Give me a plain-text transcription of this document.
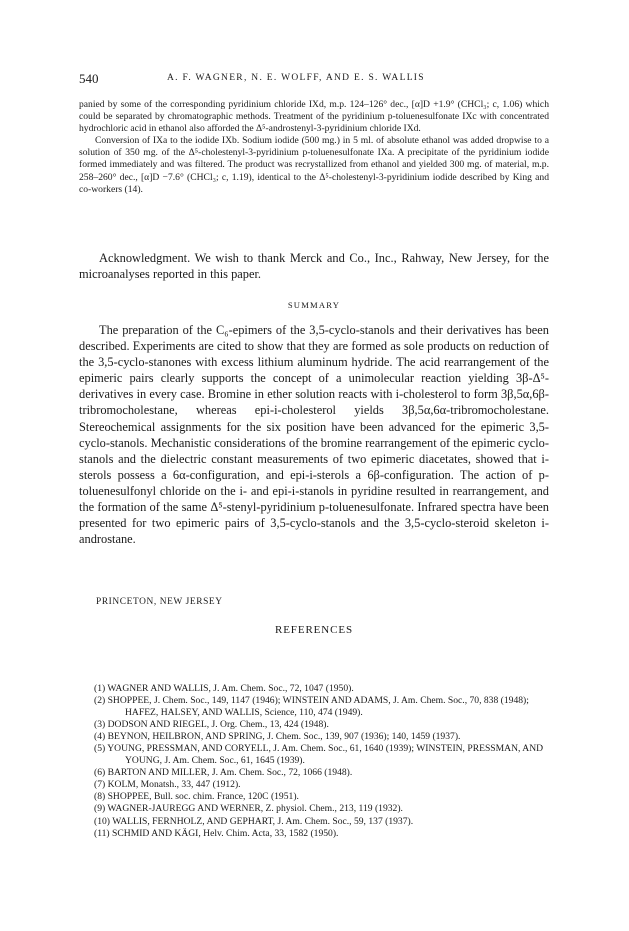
540	A. F. WAGNER, N. E. WOLFF, AND E. S. WALLIS

panied by some of the corresponding pyridinium chloride IXd, m.p. 124–126° dec., [α]D +1.9° (CHCl₃; c, 1.06) which could be separated by chromatographic methods. Treatment of the pyridinium p-toluenesulfonate IXc with concentrated hydrochloric acid in ethanol also afforded the Δ⁵-androstenyl-3-pyridinium chloride IXd.

Conversion of IXa to the iodide IXb. Sodium iodide (500 mg.) in 5 ml. of absolute ethanol was added dropwise to a solution of 350 mg. of the Δ⁵-cholestenyl-3-pyridinium p-toluenesulfonate IXa. A precipitate of the pyridinium iodide formed immediately and was filtered. The product was recrystallized from ethanol and yielded 300 mg. of material, m.p. 258–260° dec., [α]D −7.6° (CHCl₃; c, 1.19), identical to the Δ⁵-cholestenyl-3-pyridinium iodide described by King and co-workers (14).

Acknowledgment. We wish to thank Merck and Co., Inc., Rahway, New Jersey, for the microanalyses reported in this paper.

SUMMARY

The preparation of the C₆-epimers of the 3,5-cyclo-stanols and their derivatives has been described. Experiments are cited to show that they are formed as sole products on reduction of the 3,5-cyclo-stanones with excess lithium aluminum hydride. The acid rearrangement of the epimeric pairs clearly supports the concept of a unimolecular reaction yielding 3β-Δ⁵-derivatives in every case. Bromine in ether solution reacts with i-cholesterol to form 3β,5α,6β-tribromocholestane, whereas epi-i-cholesterol yields 3β,5α,6α-tribromocholestane. Stereochemical assignments for the six position have been advanced for the epimeric 3,5-cyclo-stanols. Mechanistic considerations of the bromine rearrangement of the epimeric cyclo-stanols and the dielectric constant measurements of two epimeric diacetates, showed that i-sterols possess a 6α-configuration, and epi-i-sterols a 6β-configuration. The action of p-toluenesulfonyl chloride on the i- and epi-i-stanols in pyridine resulted in rearrangement, and the formation of the same Δ⁵-stenyl-pyridinium p-toluenesulfonate. Infrared spectra have been presented for two epimeric pairs of 3,5-cyclo-stanols and the 3,5-cyclo-steroid skeleton i-androstane.

PRINCETON, NEW JERSEY
REFERENCES
(1) WAGNER AND WALLIS, J. Am. Chem. Soc., 72, 1047 (1950).
(2) SHOPPEE, J. Chem. Soc., 149, 1147 (1946); WINSTEIN AND ADAMS, J. Am. Chem. Soc., 70, 838 (1948); HAFEZ, HALSEY, AND WALLIS, Science, 110, 474 (1949).
(3) DODSON AND RIEGEL, J. Org. Chem., 13, 424 (1948).
(4) BEYNON, HEILBRON, AND SPRING, J. Chem. Soc., 139, 907 (1936); 140, 1459 (1937).
(5) YOUNG, PRESSMAN, AND CORYELL, J. Am. Chem. Soc., 61, 1640 (1939); WINSTEIN, PRESSMAN, AND YOUNG, J. Am. Chem. Soc., 61, 1645 (1939).
(6) BARTON AND MILLER, J. Am. Chem. Soc., 72, 1066 (1948).
(7) KOLM, Monatsh., 33, 447 (1912).
(8) SHOPPEE, Bull. soc. chim. France, 120C (1951).
(9) WAGNER-JAUREGG AND WERNER, Z. physiol. Chem., 213, 119 (1932).
(10) WALLIS, FERNHOLZ, AND GEPHART, J. Am. Chem. Soc., 59, 137 (1937).
(11) SCHMID AND KÄGI, Helv. Chim. Acta, 33, 1582 (1950).
